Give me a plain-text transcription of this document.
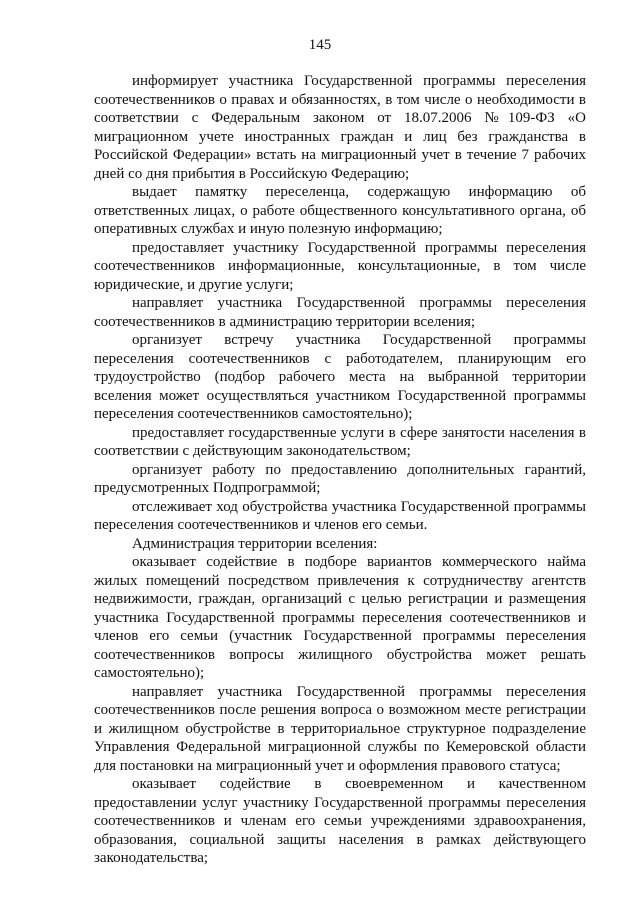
145

информирует участника Государственной программы переселения соотечественников о правах и обязанностях, в том числе о необходимости в соответствии с Федеральным законом от 18.07.2006 №109-ФЗ «О миграционном учете иностранных граждан и лиц без гражданства в Российской Федерации» встать на миграционный учет в течение 7 рабочих дней со дня прибытия в Российскую Федерацию;

выдает памятку переселенца, содержащую информацию об ответственных лицах, о работе общественного консультативного органа, об оперативных службах и иную полезную информацию;

предоставляет участнику Государственной программы переселения соотечественников информационные, консультационные, в том числе юридические, и другие услуги;

направляет участника Государственной программы переселения соотечественников в администрацию территории вселения;

организует встречу участника Государственной программы переселения соотечественников с работодателем, планирующим его трудоустройство (подбор рабочего места на выбранной территории вселения может осуществляться участником Государственной программы переселения соотечественников самостоятельно);

предоставляет государственные услуги в сфере занятости населения в соответствии с действующим законодательством;

организует работу по предоставлению дополнительных гарантий, предусмотренных Подпрограммой;

отслеживает ход обустройства участника Государственной программы переселения соотечественников и членов его семьи.

Администрация территории вселения:

оказывает содействие в подборе вариантов коммерческого найма жилых помещений посредством привлечения к сотрудничеству агентств недвижимости, граждан, организаций с целью регистрации и размещения участника Государственной программы переселения соотечественников и членов его семьи (участник Государственной программы переселения соотечественников вопросы жилищного обустройства может решать самостоятельно);

направляет участника Государственной программы переселения соотечественников после решения вопроса о возможном месте регистрации и жилищном обустройстве в территориальное структурное подразделение Управления Федеральной миграционной службы по Кемеровской области для постановки на миграционный учет и оформления правового статуса;

оказывает содействие в своевременном и качественном предоставлении услуг участнику Государственной программы переселения соотечественников и членам его семьи учреждениями здравоохранения, образования, социальной защиты населения в рамках действующего законодательства;
